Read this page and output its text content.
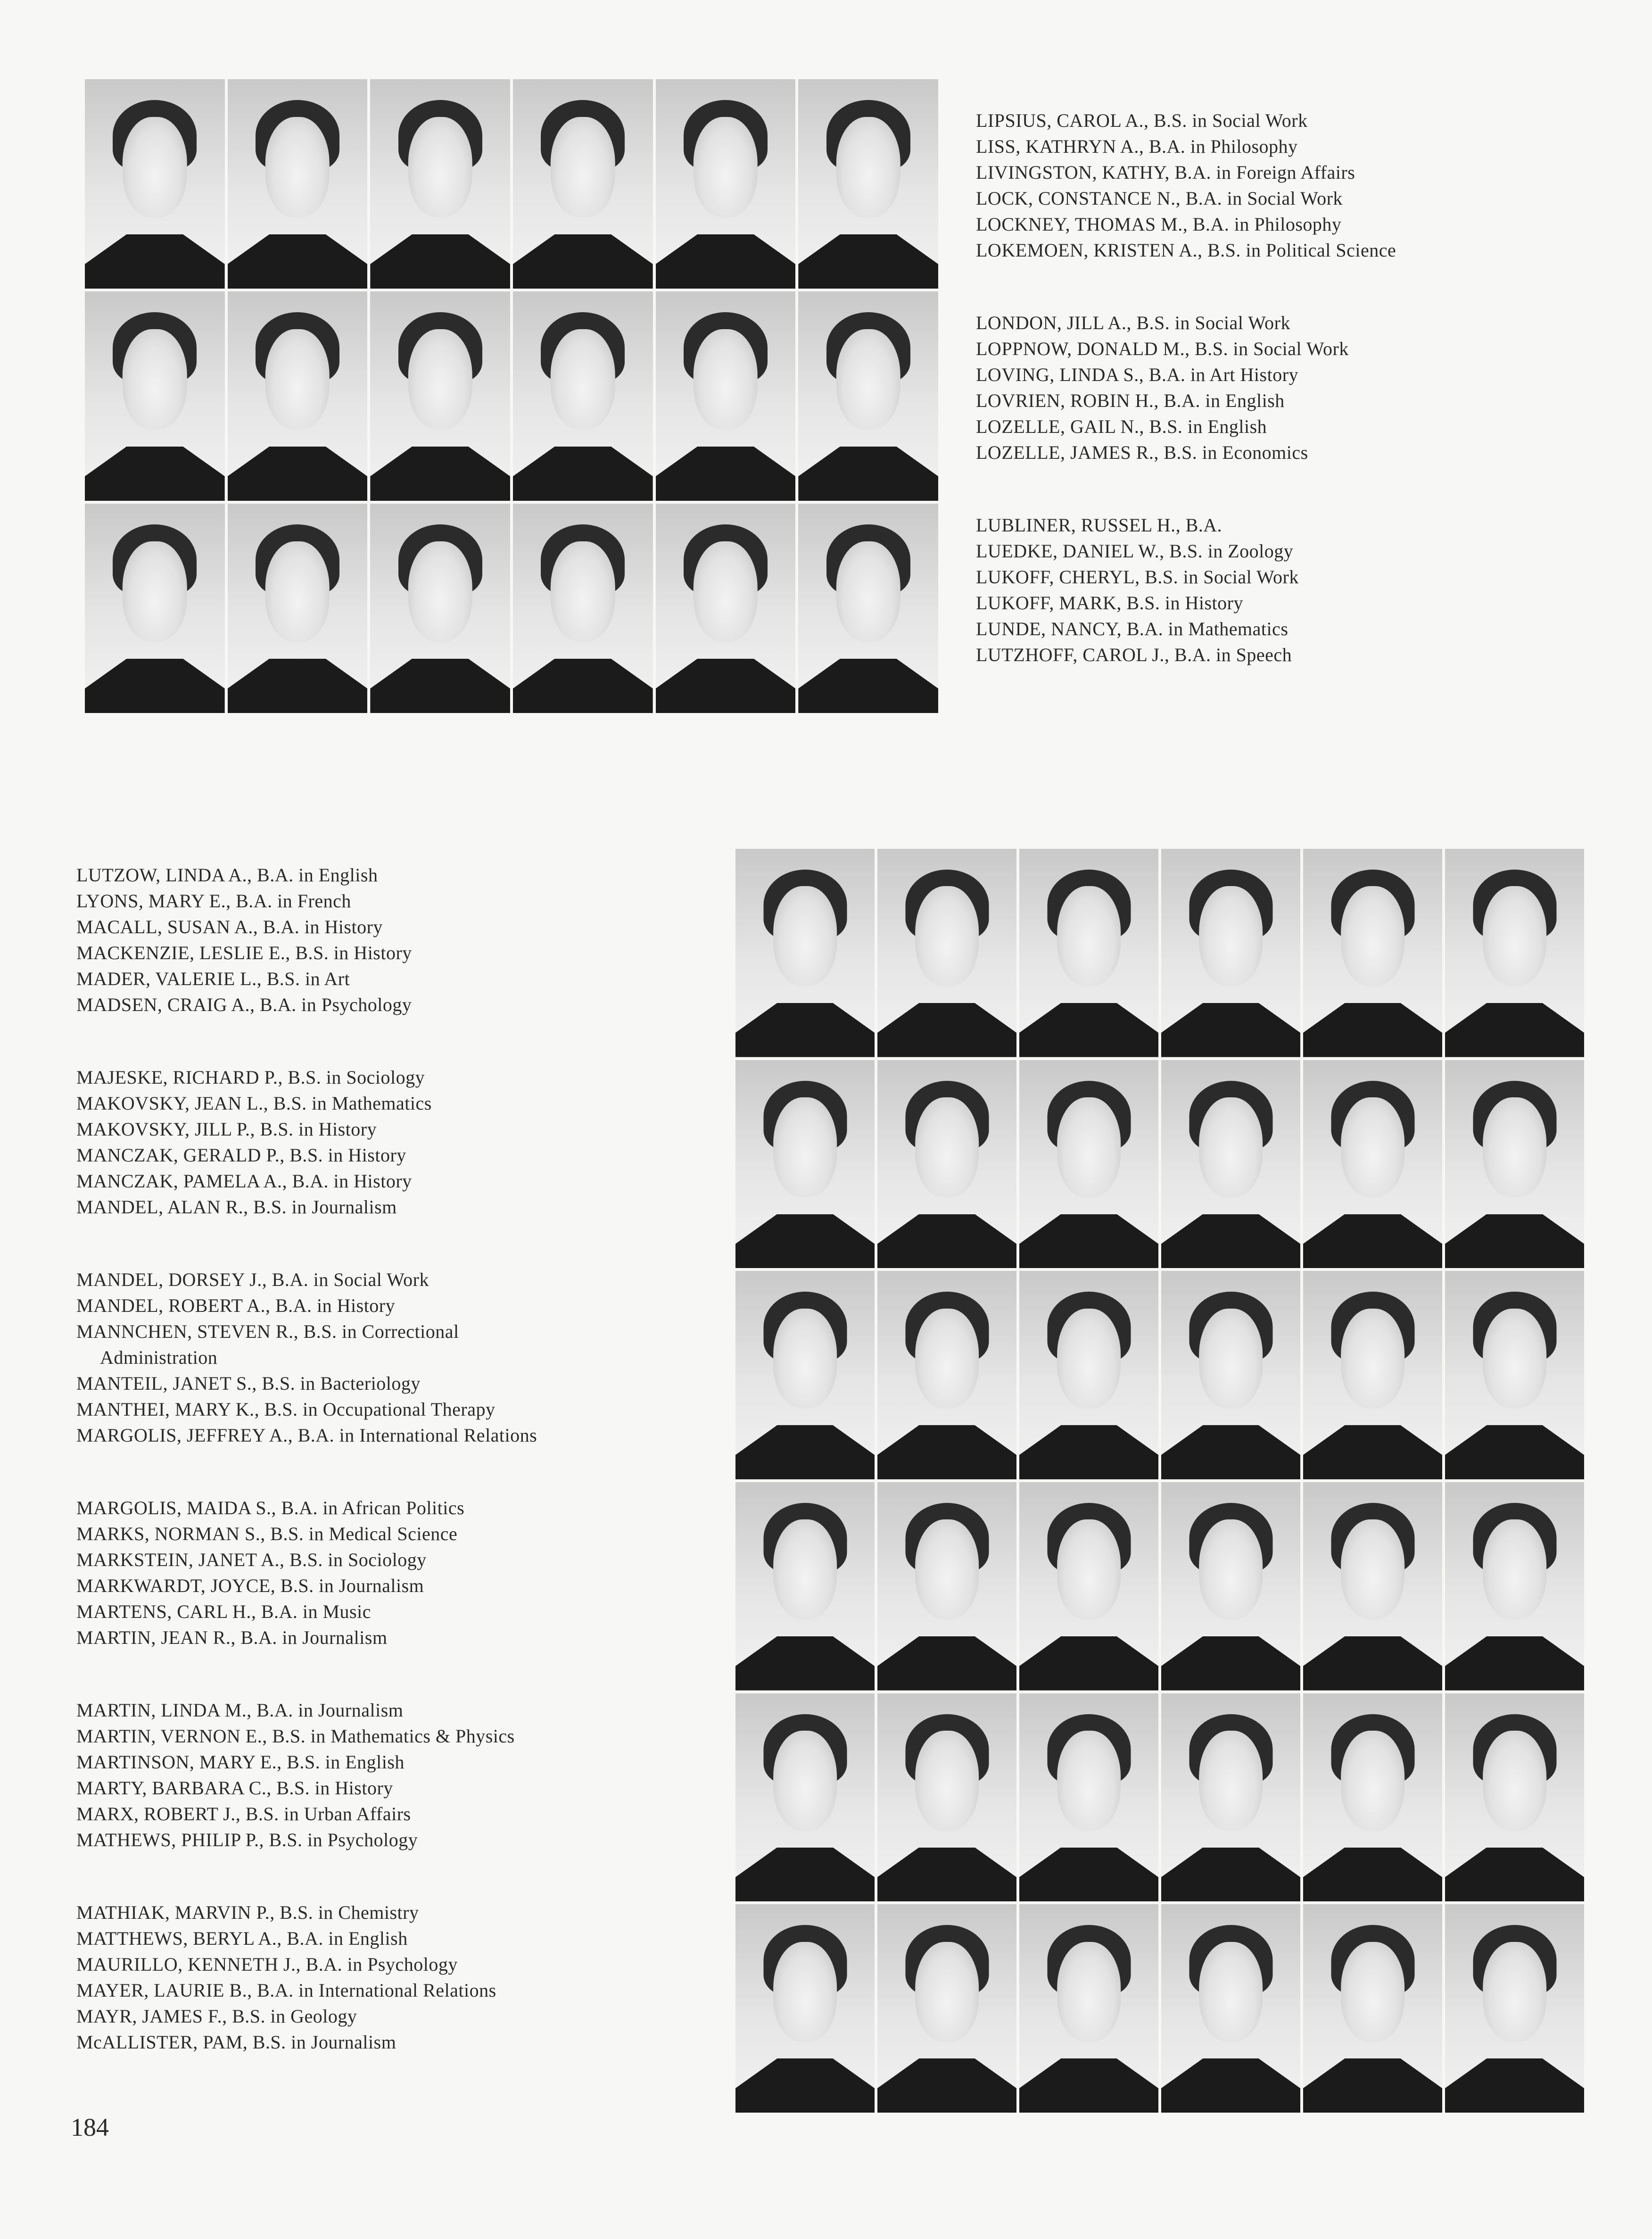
LIPSIUS, CAROL A., B.S. in Social Work
LISS, KATHRYN A., B.A. in Philosophy
LIVINGSTON, KATHY, B.A. in Foreign Affairs
LOCK, CONSTANCE N., B.A. in Social Work
LOCKNEY, THOMAS M., B.A. in Philosophy
LOKEMOEN, KRISTEN A., B.S. in Political Science
LONDON, JILL A., B.S. in Social Work
LOPPNOW, DONALD M., B.S. in Social Work
LOVING, LINDA S., B.A. in Art History
LOVRIEN, ROBIN H., B.A. in English
LOZELLE, GAIL N., B.S. in English
LOZELLE, JAMES R., B.S. in Economics
LUBLINER, RUSSEL H., B.A.
LUEDKE, DANIEL W., B.S. in Zoology
LUKOFF, CHERYL, B.S. in Social Work
LUKOFF, MARK, B.S. in History
LUNDE, NANCY, B.A. in Mathematics
LUTZHOFF, CAROL J., B.A. in Speech
LUTZOW, LINDA A., B.A. in English
LYONS, MARY E., B.A. in French
MACALL, SUSAN A., B.A. in History
MACKENZIE, LESLIE E., B.S. in History
MADER, VALERIE L., B.S. in Art
MADSEN, CRAIG A., B.A. in Psychology
MAJESKE, RICHARD P., B.S. in Sociology
MAKOVSKY, JEAN L., B.S. in Mathematics
MAKOVSKY, JILL P., B.S. in History
MANCZAK, GERALD P., B.S. in History
MANCZAK, PAMELA A., B.A. in History
MANDEL, ALAN R., B.S. in Journalism
MANDEL, DORSEY J., B.A. in Social Work
MANDEL, ROBERT A., B.A. in History
MANNCHEN, STEVEN R., B.S. in Correctional
Administration
MANTEIL, JANET S., B.S. in Bacteriology
MANTHEI, MARY K., B.S. in Occupational Therapy
MARGOLIS, JEFFREY A., B.A. in International Relations
MARGOLIS, MAIDA S., B.A. in African Politics
MARKS, NORMAN S., B.S. in Medical Science
MARKSTEIN, JANET A., B.S. in Sociology
MARKWARDT, JOYCE, B.S. in Journalism
MARTENS, CARL H., B.A. in Music
MARTIN, JEAN R., B.A. in Journalism
MARTIN, LINDA M., B.A. in Journalism
MARTIN, VERNON E., B.S. in Mathematics & Physics
MARTINSON, MARY E., B.S. in English
MARTY, BARBARA C., B.S. in History
MARX, ROBERT J., B.S. in Urban Affairs
MATHEWS, PHILIP P., B.S. in Psychology
MATHIAK, MARVIN P., B.S. in Chemistry
MATTHEWS, BERYL A., B.A. in English
MAURILLO, KENNETH J., B.A. in Psychology
MAYER, LAURIE B., B.A. in International Relations
MAYR, JAMES F., B.S. in Geology
McALLISTER, PAM, B.S. in Journalism
184
